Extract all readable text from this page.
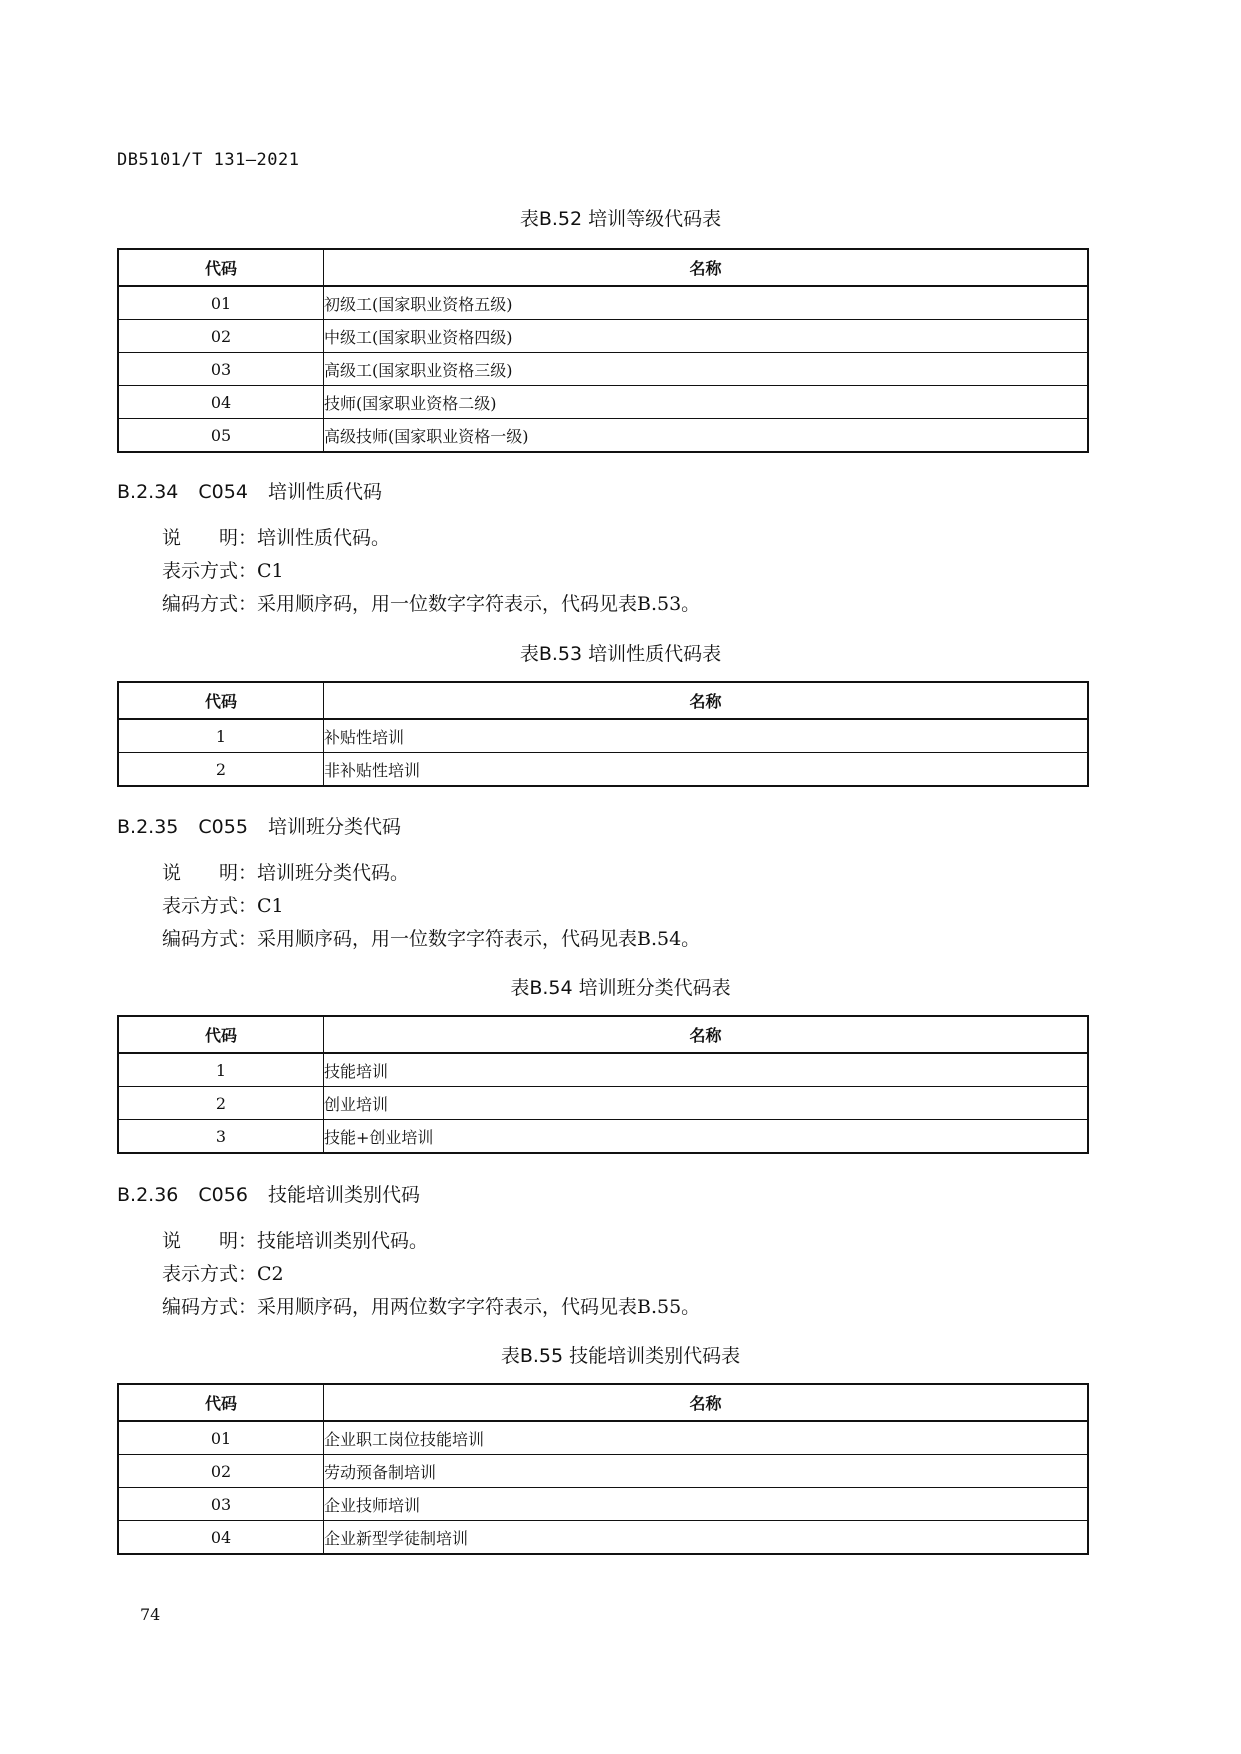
DB5101/T 131—2021
表B.52 培训等级代码表
代码	名称
01	初级工(国家职业资格五级)
02	中级工(国家职业资格四级)
03	高级工(国家职业资格三级)
04	技师(国家职业资格二级)
05	高级技师(国家职业资格一级)
B.2.34 C054 培训性质代码
说　　明：培训性质代码。
表示方式：C1
编码方式：采用顺序码，用一位数字字符表示，代码见表B.53。
表B.53 培训性质代码表
代码	名称
1	补贴性培训
2	非补贴性培训
B.2.35 C055 培训班分类代码
说　　明：培训班分类代码。
表示方式：C1
编码方式：采用顺序码，用一位数字字符表示，代码见表B.54。
表B.54 培训班分类代码表
代码	名称
1	技能培训
2	创业培训
3	技能+创业培训
B.2.36 C056 技能培训类别代码
说　　明：技能培训类别代码。
表示方式：C2
编码方式：采用顺序码，用两位数字字符表示，代码见表B.55。
表B.55 技能培训类别代码表
代码	名称
01	企业职工岗位技能培训
02	劳动预备制培训
03	企业技师培训
04	企业新型学徒制培训
74
